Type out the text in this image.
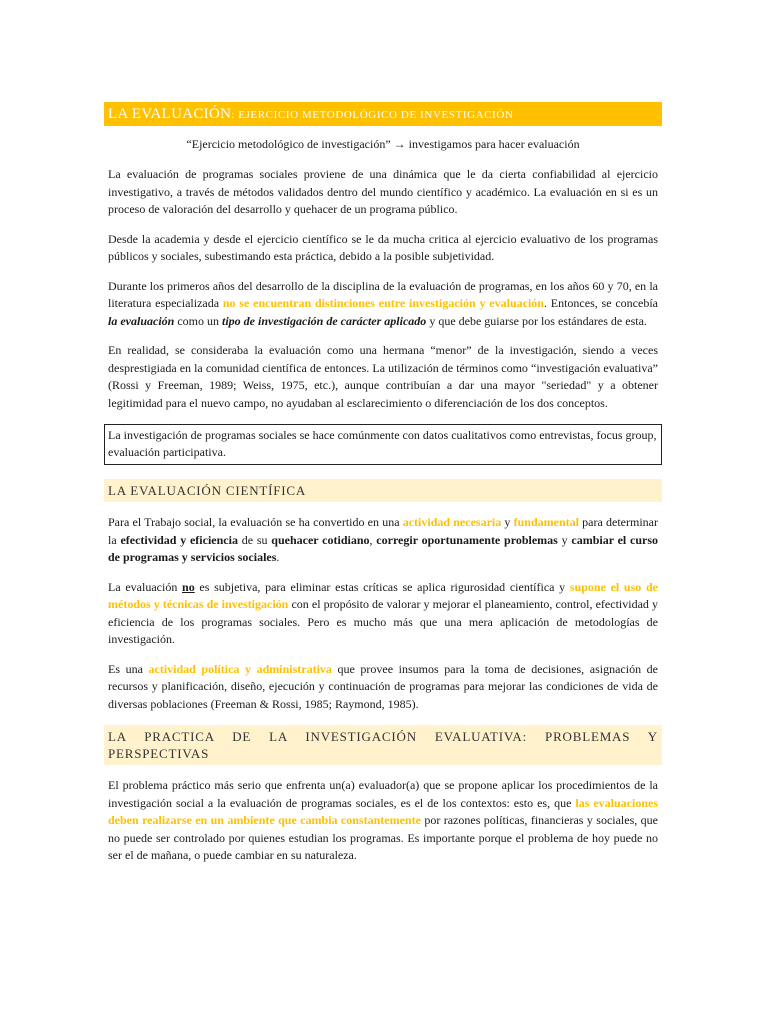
LA EVALUACIÓN: EJERCICIO METODOLÓGICO DE INVESTIGACIÓN
“Ejercicio metodológico de investigación” → investigamos para hacer evaluación

La evaluación de programas sociales proviene de una dinámica que le da cierta confiabilidad al ejercicio investigativo, a través de métodos validados dentro del mundo científico y académico. La evaluación en si es un proceso de valoración del desarrollo y quehacer de un programa público.

Desde la academia y desde el ejercicio científico se le da mucha critica al ejercicio evaluativo de los programas públicos y sociales, subestimando esta práctica, debido a la posible subjetividad.

Durante los primeros años del desarrollo de la disciplina de la evaluación de programas, en los años 60 y 70, en la literatura especializada no se encuentran distinciones entre investigación y evaluación. Entonces, se concebía la evaluación como un tipo de investigación de carácter aplicado y que debe guiarse por los estándares de esta.

En realidad, se consideraba la evaluación como una hermana “menor” de la investigación, siendo a veces desprestigiada en la comunidad científica de entonces. La utilización de términos como “investigación evaluativa” (Rossi y Freeman, 1989; Weiss, 1975, etc.), aunque contribuían a dar una mayor "seriedad" y a obtener legitimidad para el nuevo campo, no ayudaban al esclarecimiento o diferenciación de los dos conceptos.

La investigación de programas sociales se hace comúnmente con datos cualitativos como entrevistas, focus group, evaluación participativa.
LA EVALUACIÓN CIENTÍFICA

Para el Trabajo social, la evaluación se ha convertido en una actividad necesaria y fundamental para determinar la efectividad y eficiencia de su quehacer cotidiano, corregir oportunamente problemas y cambiar el curso de programas y servicios sociales.

La evaluación no es subjetiva, para eliminar estas críticas se aplica rigurosidad científica y supone el uso de métodos y técnicas de investigación con el propósito de valorar y mejorar el planeamiento, control, efectividad y eficiencia de los programas sociales. Pero es mucho más que una mera aplicación de metodologías de investigación.

Es una actividad política y administrativa que provee insumos para la toma de decisiones, asignación de recursos y planificación, diseño, ejecución y continuación de programas para mejorar las condiciones de vida de diversas poblaciones (Freeman & Rossi, 1985; Raymond, 1985).

LA PRACTICA DE LA INVESTIGACIÓN EVALUATIVA: PROBLEMAS Y PERSPECTIVAS

El problema práctico más serio que enfrenta un(a) evaluador(a) que se propone aplicar los procedimientos de la investigación social a la evaluación de programas sociales, es el de los contextos: esto es, que las evaluaciones deben realizarse en un ambiente que cambia constantemente por razones políticas, financieras y sociales, que no puede ser controlado por quienes estudian los programas. Es importante porque el problema de hoy puede no ser el de mañana, o puede cambiar en su naturaleza.
